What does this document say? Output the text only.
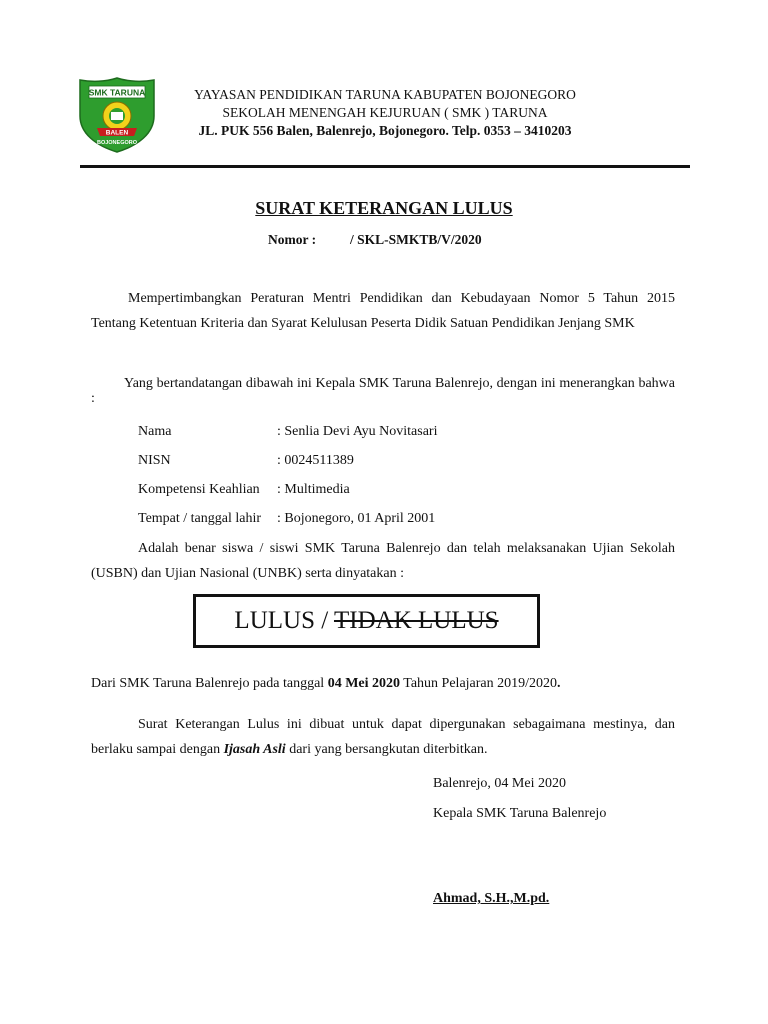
SMK TARUNA
BALEN
BOJONEGORO
YAYASAN PENDIDIKAN TARUNA KABUPATEN BOJONEGORO
SEKOLAH MENENGAH KEJURUAN ( SMK ) TARUNA
JL. PUK 556 Balen, Balenrejo, Bojonegoro. Telp. 0353 – 3410203
SURAT KETERANGAN LULUS
Nomor :	/ SKL-SMKTB/V/2020
Mempertimbangkan Peraturan Mentri Pendidikan dan Kebudayaan Nomor 5 Tahun 2015 Tentang Ketentuan Kriteria dan Syarat Kelulusan Peserta Didik Satuan Pendidikan Jenjang SMK
Yang bertandatangan dibawah ini Kepala SMK Taruna Balenrejo, dengan ini menerangkan bahwa :
Nama	: Senlia Devi Ayu Novitasari
NISN	: 0024511389
Kompetensi Keahlian : Multimedia
Tempat / tanggal lahir : Bojonegoro, 01 April 2001
Adalah benar siswa / siswi SMK Taruna Balenrejo dan telah melaksanakan Ujian Sekolah (USBN) dan Ujian Nasional (UNBK) serta dinyatakan :
LULUS / TIDAK LULUS
Dari SMK Taruna Balenrejo pada tanggal 04 Mei 2020 Tahun Pelajaran 2019/2020.
Surat Keterangan Lulus ini dibuat untuk dapat dipergunakan sebagaimana mestinya, dan berlaku sampai dengan Ijasah Asli dari yang bersangkutan diterbitkan.
Balenrejo, 04 Mei 2020
Kepala SMK Taruna Balenrejo
Ahmad, S.H.,M.pd.
